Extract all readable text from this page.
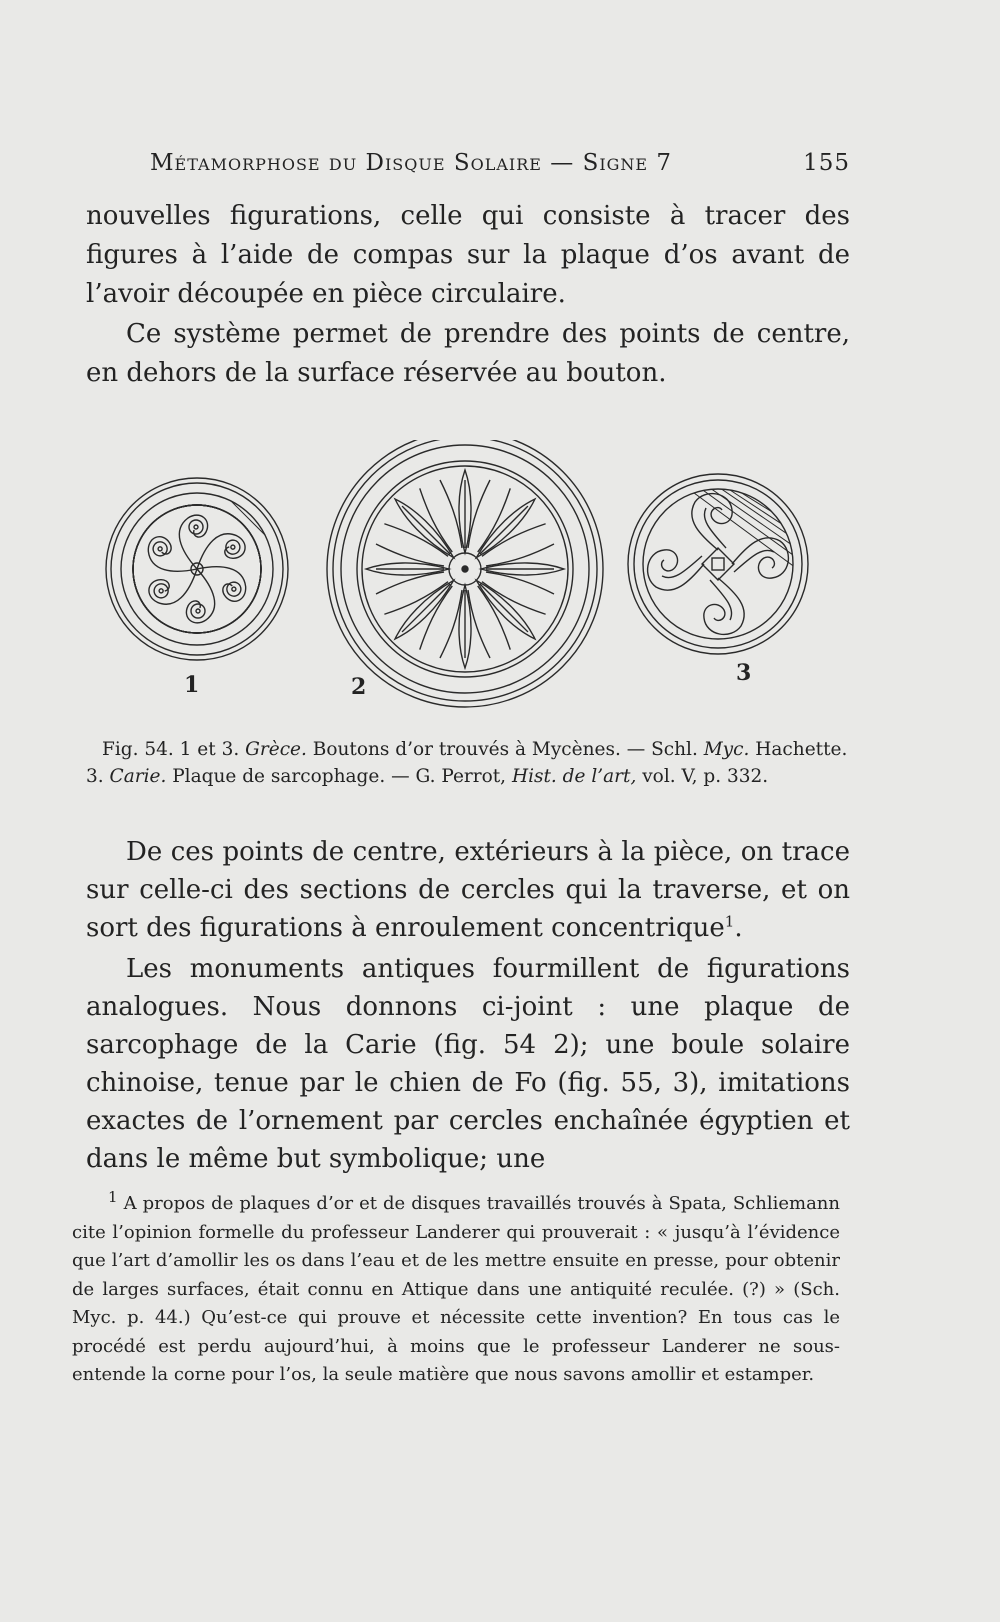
Métamorphose du Disque Solaire — Signe 7	155
nouvelles figurations, celle qui consiste à tracer des figures à l’aide de compas sur la plaque d’os avant de l’avoir découpée en pièce circulaire.
Ce système permet de prendre des points de centre, en dehors de la surface réservée au bouton.
1	2
3
Fig. 54. 1 et 3. Grèce. Boutons d’or trouvés à Mycènes. — Schl. Myc. Hachette.
3. Carie. Plaque de sarcophage. — G. Perrot, Hist. de l’art, vol. V, p. 332.
De ces points de centre, extérieurs à la pièce, on trace sur celle-ci des sections de cercles qui la traverse, et on sort des figurations à enroulement concentrique$^1$.
Les monuments antiques fourmillent de figurations analogues. Nous donnons ci-joint : une plaque de sarcophage de la Carie (fig. 54 2); une boule solaire chinoise, tenue par le chien de Fo (fig. 55, 3), imitations exactes de l’ornement par cercles enchaînée égyptien et dans le même but symbolique; une
$^1$ A propos de plaques d’or et de disques travaillés trouvés à Spata, Schliemann cite l’opinion formelle du professeur Landerer qui prouverait : « jusqu’à l’évidence que l’art d’amollir les os dans l’eau et de les mettre ensuite en presse, pour obtenir de larges surfaces, était connu en Attique dans une antiquité reculée. (?) » (Sch. Myc. p. 44.) Qu’est-ce qui prouve et nécessite cette invention? En tous cas le procédé est perdu aujourd’hui, à moins que le professeur Landerer ne sous-entende la corne pour l’os, la seule matière que nous savons amollir et estamper.
